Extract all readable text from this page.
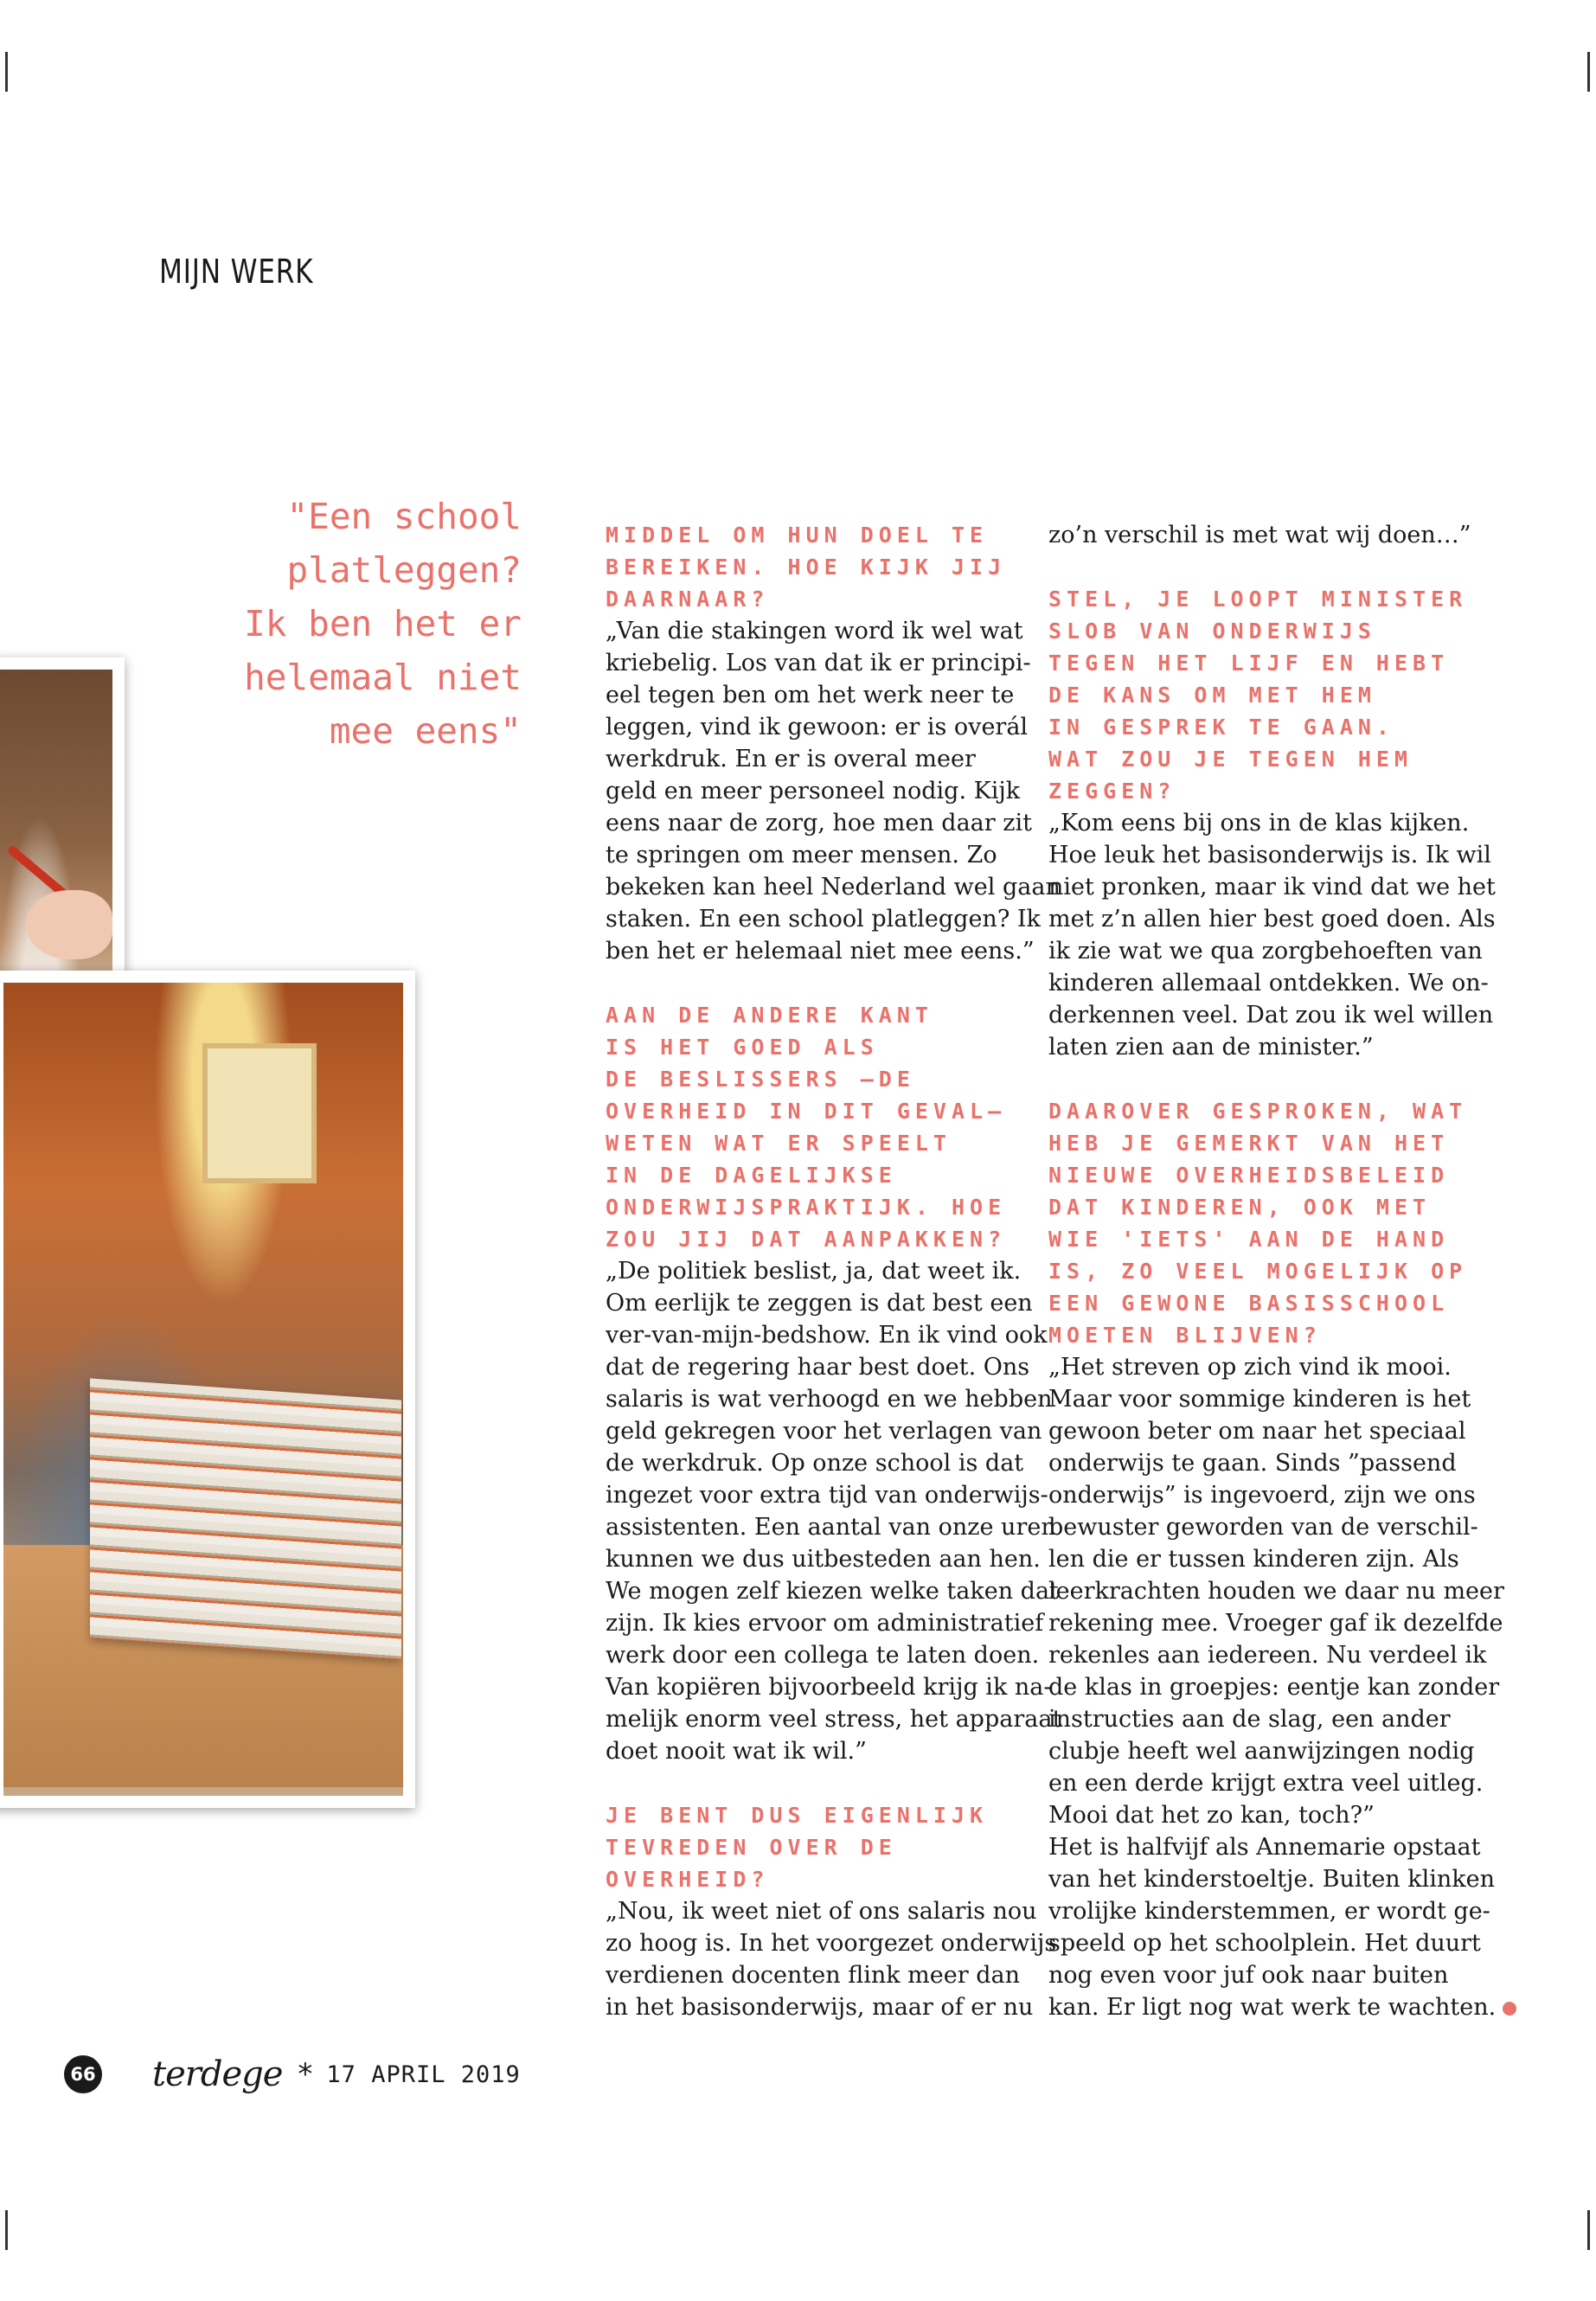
MIJN WERK
"Een school
platleggen?
Ik ben het er
helemaal niet
mee eens"
MIDDEL OM HUN DOEL TE
BEREIKEN. HOE KIJK JIJ
DAARNAAR?
„Van die stakingen word ik wel wat
kriebelig. Los van dat ik er principi-
eel tegen ben om het werk neer te
leggen, vind ik gewoon: er is overál
werkdruk. En er is overal meer
geld en meer personeel nodig. Kijk
eens naar de zorg, hoe men daar zit
te springen om meer mensen. Zo
bekeken kan heel Nederland wel gaan
staken. En een school platleggen? Ik
ben het er helemaal niet mee eens.”
AAN DE ANDERE KANT
IS HET GOED ALS
DE BESLISSERS —DE
OVERHEID IN DIT GEVAL—
WETEN WAT ER SPEELT
IN DE DAGELIJKSE
ONDERWIJSPRAKTIJK. HOE
ZOU JIJ DAT AANPAKKEN?
„De politiek beslist, ja, dat weet ik.
Om eerlijk te zeggen is dat best een
ver-van-mijn-bedshow. En ik vind ook
dat de regering haar best doet. Ons
salaris is wat verhoogd en we hebben
geld gekregen voor het verlagen van
de werkdruk. Op onze school is dat
ingezet voor extra tijd van onderwijs-
assistenten. Een aantal van onze uren
kunnen we dus uitbesteden aan hen.
We mogen zelf kiezen welke taken dat
zijn. Ik kies ervoor om administratief
werk door een collega te laten doen.
Van kopiëren bijvoorbeeld krijg ik na-
melijk enorm veel stress, het apparaat
doet nooit wat ik wil.”
JE BENT DUS EIGENLIJK
TEVREDEN OVER DE
OVERHEID?
„Nou, ik weet niet of ons salaris nou
zo hoog is. In het voorgezet onderwijs
verdienen docenten flink meer dan
in het basisonderwijs, maar of er nu
zo’n verschil is met wat wij doen…”
STEL, JE LOOPT MINISTER
SLOB VAN ONDERWIJS
TEGEN HET LIJF EN HEBT
DE KANS OM MET HEM
IN GESPREK TE GAAN.
WAT ZOU JE TEGEN HEM
ZEGGEN?
„Kom eens bij ons in de klas kijken.
Hoe leuk het basisonderwijs is. Ik wil
niet pronken, maar ik vind dat we het
met z’n allen hier best goed doen. Als
ik zie wat we qua zorgbehoeften van
kinderen allemaal ontdekken. We on-
derkennen veel. Dat zou ik wel willen
laten zien aan de minister.”
DAAROVER GESPROKEN, WAT
HEB JE GEMERKT VAN HET
NIEUWE OVERHEIDSBELEID
DAT KINDEREN, OOK MET
WIE 'IETS' AAN DE HAND
IS, ZO VEEL MOGELIJK OP
EEN GEWONE BASISSCHOOL
MOETEN BLIJVEN?
„Het streven op zich vind ik mooi.
Maar voor sommige kinderen is het
gewoon beter om naar het speciaal
onderwijs te gaan. Sinds ”passend
onderwijs” is ingevoerd, zijn we ons
bewuster geworden van de verschil-
len die er tussen kinderen zijn. Als
leerkrachten houden we daar nu meer
rekening mee. Vroeger gaf ik dezelfde
rekenles aan iedereen. Nu verdeel ik
de klas in groepjes: eentje kan zonder
instructies aan de slag, een ander
clubje heeft wel aanwijzingen nodig
en een derde krijgt extra veel uitleg.
Mooi dat het zo kan, toch?”
Het is halfvijf als Annemarie opstaat
van het kinderstoeltje. Buiten klinken
vrolijke kinderstemmen, er wordt ge-
speeld op het schoolplein. Het duurt
nog even voor juf ook naar buiten
kan. Er ligt nog wat werk te wachten.
66 terdege * 17 APRIL 2019
